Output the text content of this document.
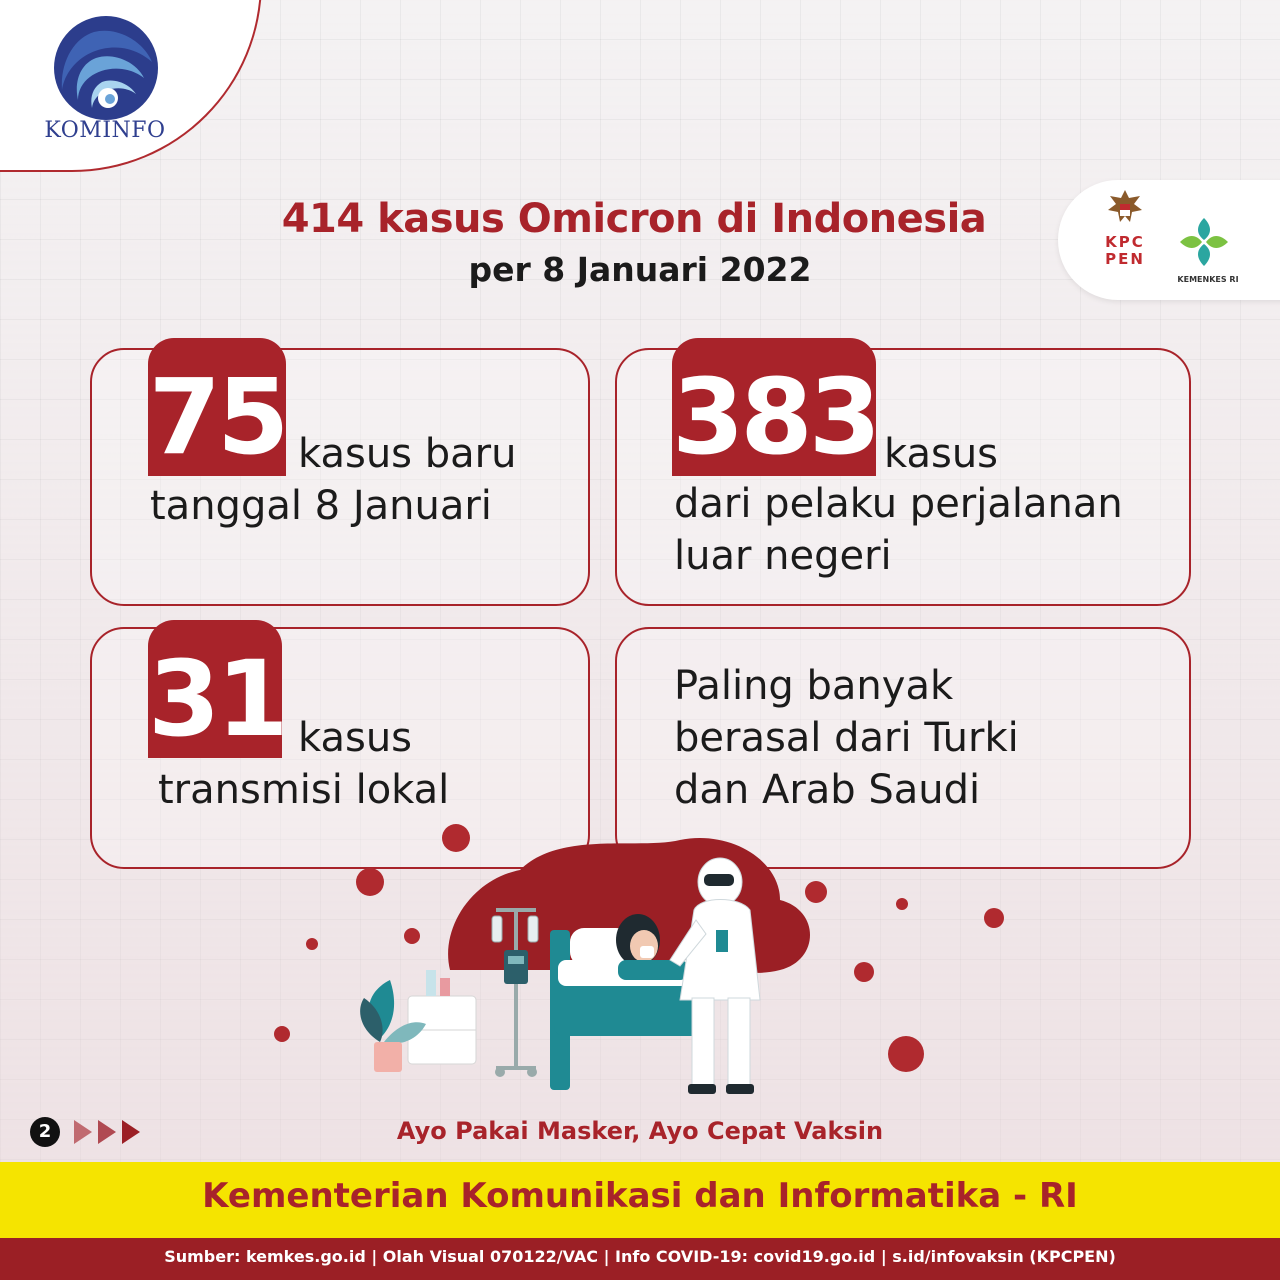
KOMINFO
KPC PEN
KEMENKES RI
414 kasus Omicron di Indonesia
per 8 Januari 2022
75 kasus baru
tanggal 8 Januari
383 kasus
dari pelaku perjalanan
luar negeri
31 kasus
transmisi lokal
Paling banyak
berasal dari Turki
dan Arab Saudi
2	Ayo Pakai Masker, Ayo Cepat Vaksin
Kementerian Komunikasi dan Informatika - RI
Sumber: kemkes.go.id | Olah Visual 070122/VAC | Info COVID-19: covid19.go.id | s.id/infovaksin (KPCPEN)
